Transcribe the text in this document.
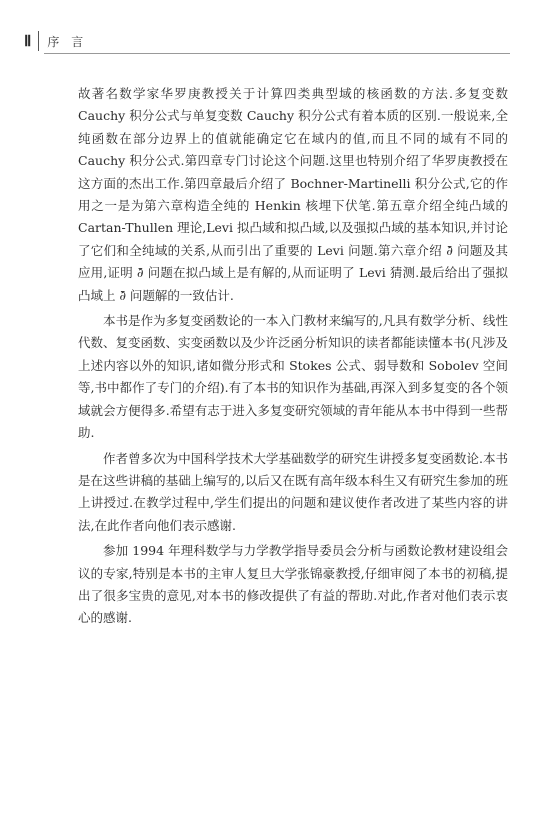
Ⅱ 序 言

故著名数学家华罗庚教授关于计算四类典型域的核函数的方法.多复变数 Cauchy 积分公式与单复变数 Cauchy 积分公式有着本质的区别.一般说来,全纯函数在部分边界上的值就能确定它在域内的值,而且不同的域有不同的 Cauchy 积分公式.第四章专门讨论这个问题.这里也特别介绍了华罗庚教授在这方面的杰出工作.第四章最后介绍了 Bochner-Martinelli 积分公式,它的作用之一是为第六章构造全纯的 Henkin 核埋下伏笔.第五章介绍全纯凸域的 Cartan-Thullen 理论,Levi 拟凸域和拟凸域,以及强拟凸域的基本知识,并讨论了它们和全纯域的关系,从而引出了重要的 Levi 问题.第六章介绍 ∂̄ 问题及其应用,证明 ∂̄ 问题在拟凸域上是有解的,从而证明了 Levi 猜测.最后给出了强拟凸域上 ∂̄ 问题解的一致估计.

本书是作为多复变函数论的一本入门教材来编写的,凡具有数学分析、线性代数、复变函数、实变函数以及少许泛函分析知识的读者都能读懂本书(凡涉及上述内容以外的知识,诸如微分形式和 Stokes 公式、弱导数和 Sobolev 空间等,书中都作了专门的介绍).有了本书的知识作为基础,再深入到多复变的各个领域就会方便得多.希望有志于进入多复变研究领域的青年能从本书中得到一些帮助.

作者曾多次为中国科学技术大学基础数学的研究生讲授多复变函数论.本书是在这些讲稿的基础上编写的,以后又在既有高年级本科生又有研究生参加的班上讲授过.在教学过程中,学生们提出的问题和建议使作者改进了某些内容的讲法,在此作者向他们表示感谢.

参加 1994 年理科数学与力学教学指导委员会分析与函数论教材建设组会议的专家,特别是本书的主审人复旦大学张锦豪教授,仔细审阅了本书的初稿,提出了很多宝贵的意见,对本书的修改提供了有益的帮助.对此,作者对他们表示衷心的感谢.
